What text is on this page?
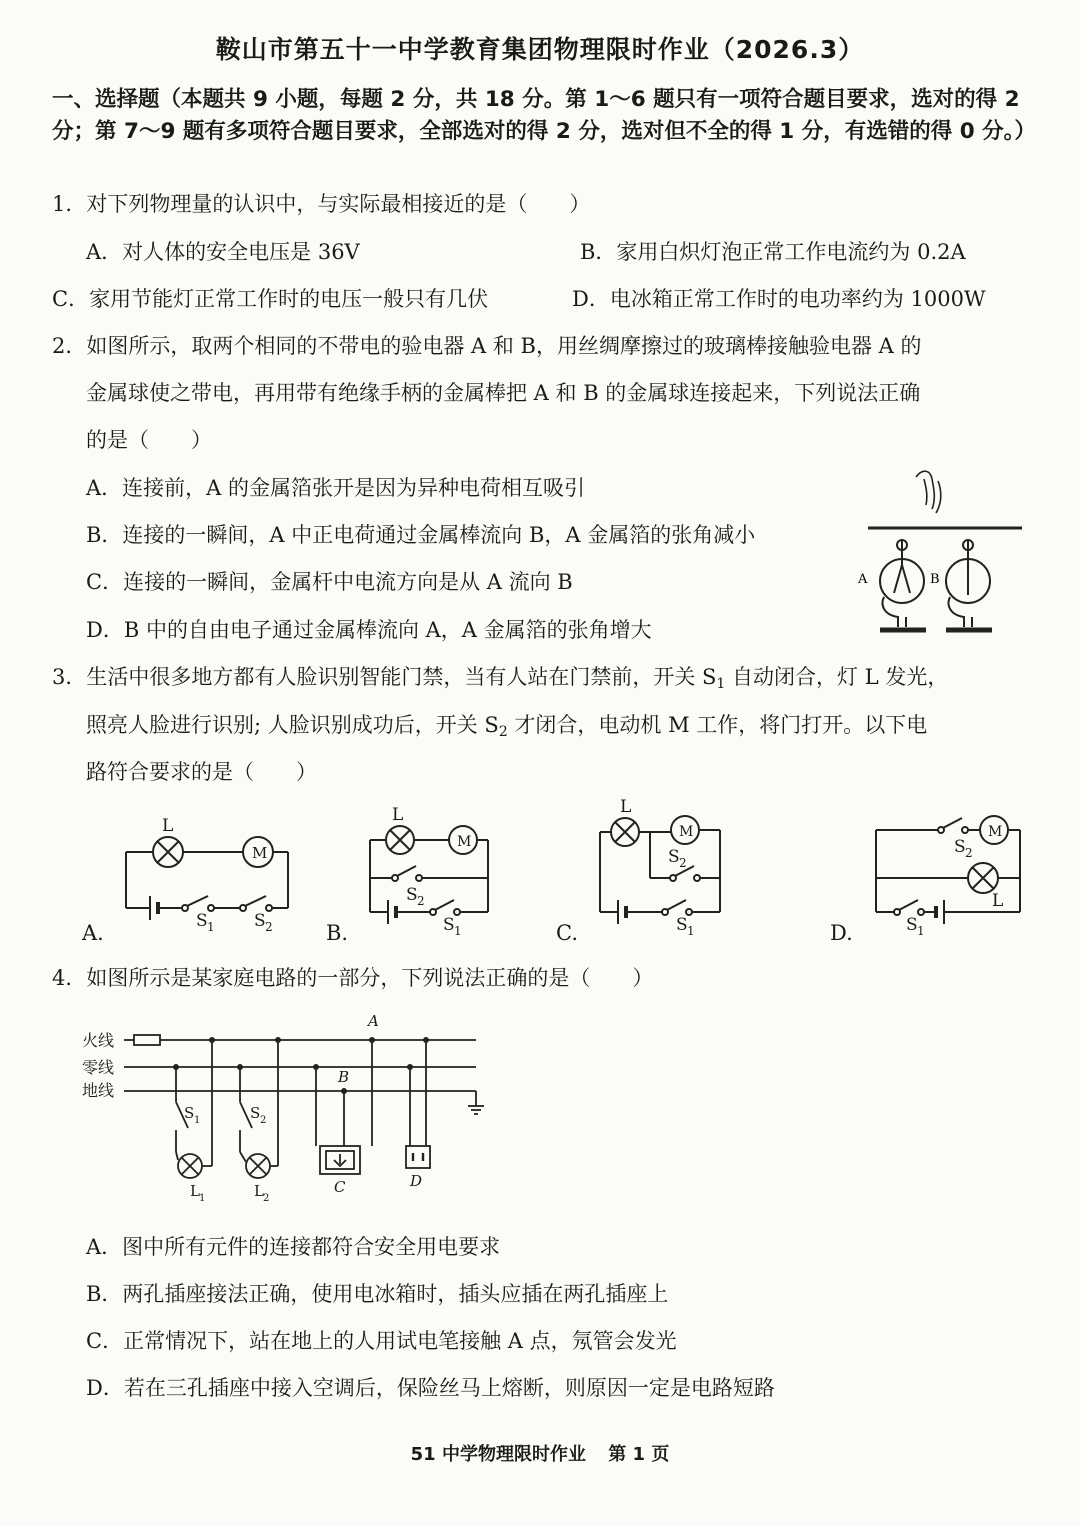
鞍山市第五十一中学教育集团物理限时作业（2026.3）
一、选择题（本题共 9 小题，每题 2 分，共 18 分。第 1～6 题只有一项符合题目要求，选对的得 2 分；第 7～9 题有多项符合题目要求，全部选对的得 2 分，选对但不全的得 1 分，有选错的得 0 分。）
1．对下列物理量的认识中，与实际最相接近的是（　　）
A．对人体的安全电压是 36V	B．家用白炽灯泡正常工作电流约为 0.2A
C．家用节能灯正常工作时的电压一般只有几伏	D．电冰箱正常工作时的电功率约为 1000W
2．如图所示，取两个相同的不带电的验电器 A 和 B，用丝绸摩擦过的玻璃棒接触验电器 A 的
金属球使之带电，再用带有绝缘手柄的金属棒把 A 和 B 的金属球连接起来，下列说法正确
的是（　　）
A．连接前，A 的金属箔张开是因为异种电荷相互吸引
B．连接的一瞬间，A 中正电荷通过金属棒流向 B，A 金属箔的张角减小
C．连接的一瞬间，金属杆中电流方向是从 A 流向 B
D．B 中的自由电子通过金属棒流向 A，A 金属箔的张角增大
A	B
3．生活中很多地方都有人脸识别智能门禁，当有人站在门禁前，开关 $S_1$ 自动闭合，灯 L 发光，
照亮人脸进行识别; 人脸识别成功后，开关 $S_2$ 才闭合，电动机 M 工作，将门打开。以下电
路符合要求的是（　　）
L
M
S 1 S 2
A.
L
M
S 2
S 1
B.
L
M
S 2
S 1
C.
M
S 2
L
S 1
D.
4．如图所示是某家庭电路的一部分，下列说法正确的是（　　）
火线
零线
地线
A
B
C	D
S 1	S 2
L 1	L 2
A．图中所有元件的连接都符合安全用电要求
B．两孔插座接法正确，使用电冰箱时，插头应插在两孔插座上
C．正常情况下，站在地上的人用试电笔接触 A 点，氖管会发光
D．若在三孔插座中接入空调后，保险丝马上熔断，则原因一定是电路短路
51 中学物理限时作业 第 1 页
